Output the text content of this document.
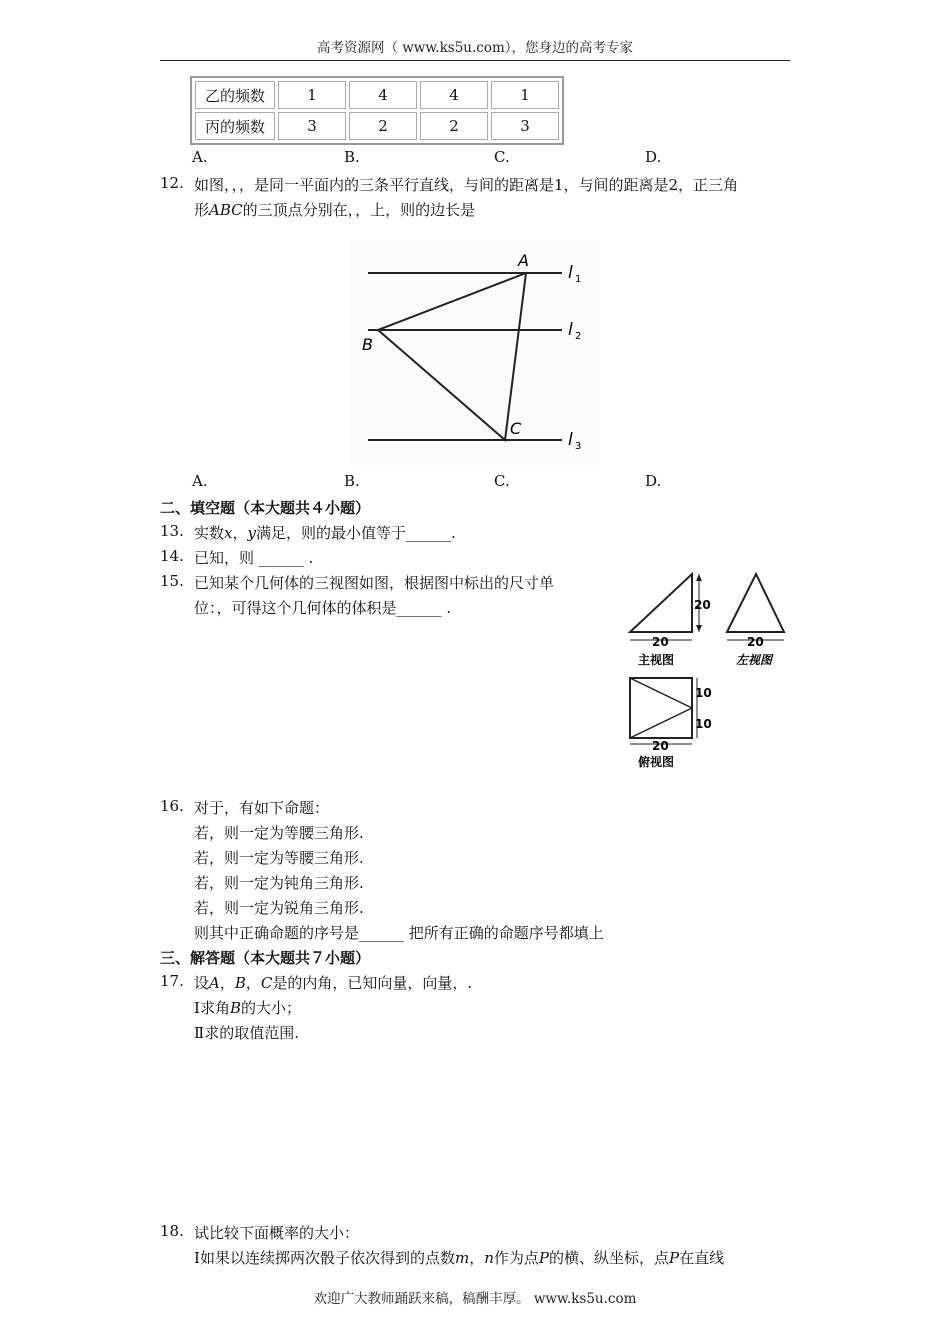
高考资源网（ www.ks5u.com），您身边的高考专家
乙的频数	1	4	4	1
丙的频数	3	2	2	3
A.	B.	C.	D.
12. 如图，，，是同一平面内的三条平行直线，与间的距离是1，与间的距离是2，正三角
形ABC的三顶点分别在，，上，则的边长是
A
B
C
l 1
l 2
l 3
A.	B.	C.	D.
二、填空题（本大题共４小题）
13. 实数x，y满足，则的最小值等于______.
14. 已知，则 ______ .
15. 已知某个几何体的三视图如图，根据图中标出的尺寸单
位：，可得这个几何体的体积是______ .	20
20
主视图
20
左视图
10
10
20
俯视图
16. 对于，有如下命题：
若，则一定为等腰三角形.
若，则一定为等腰三角形.
若，则一定为钝角三角形.
若，则一定为锐角三角形.
则其中正确命题的序号是______ 把所有正确的命题序号都填上
三、解答题（本大题共７小题）
17. 设A，B，C是的内角，已知向量，向量，.
Ⅰ求角B的大小；
Ⅱ求的取值范围.
18. 试比较下面概率的大小：
Ⅰ如果以连续掷两次骰子依次得到的点数m，n作为点P的横、纵坐标，点P在直线
欢迎广大教师踊跃来稿，稿酬丰厚。 www.ks5u.com
